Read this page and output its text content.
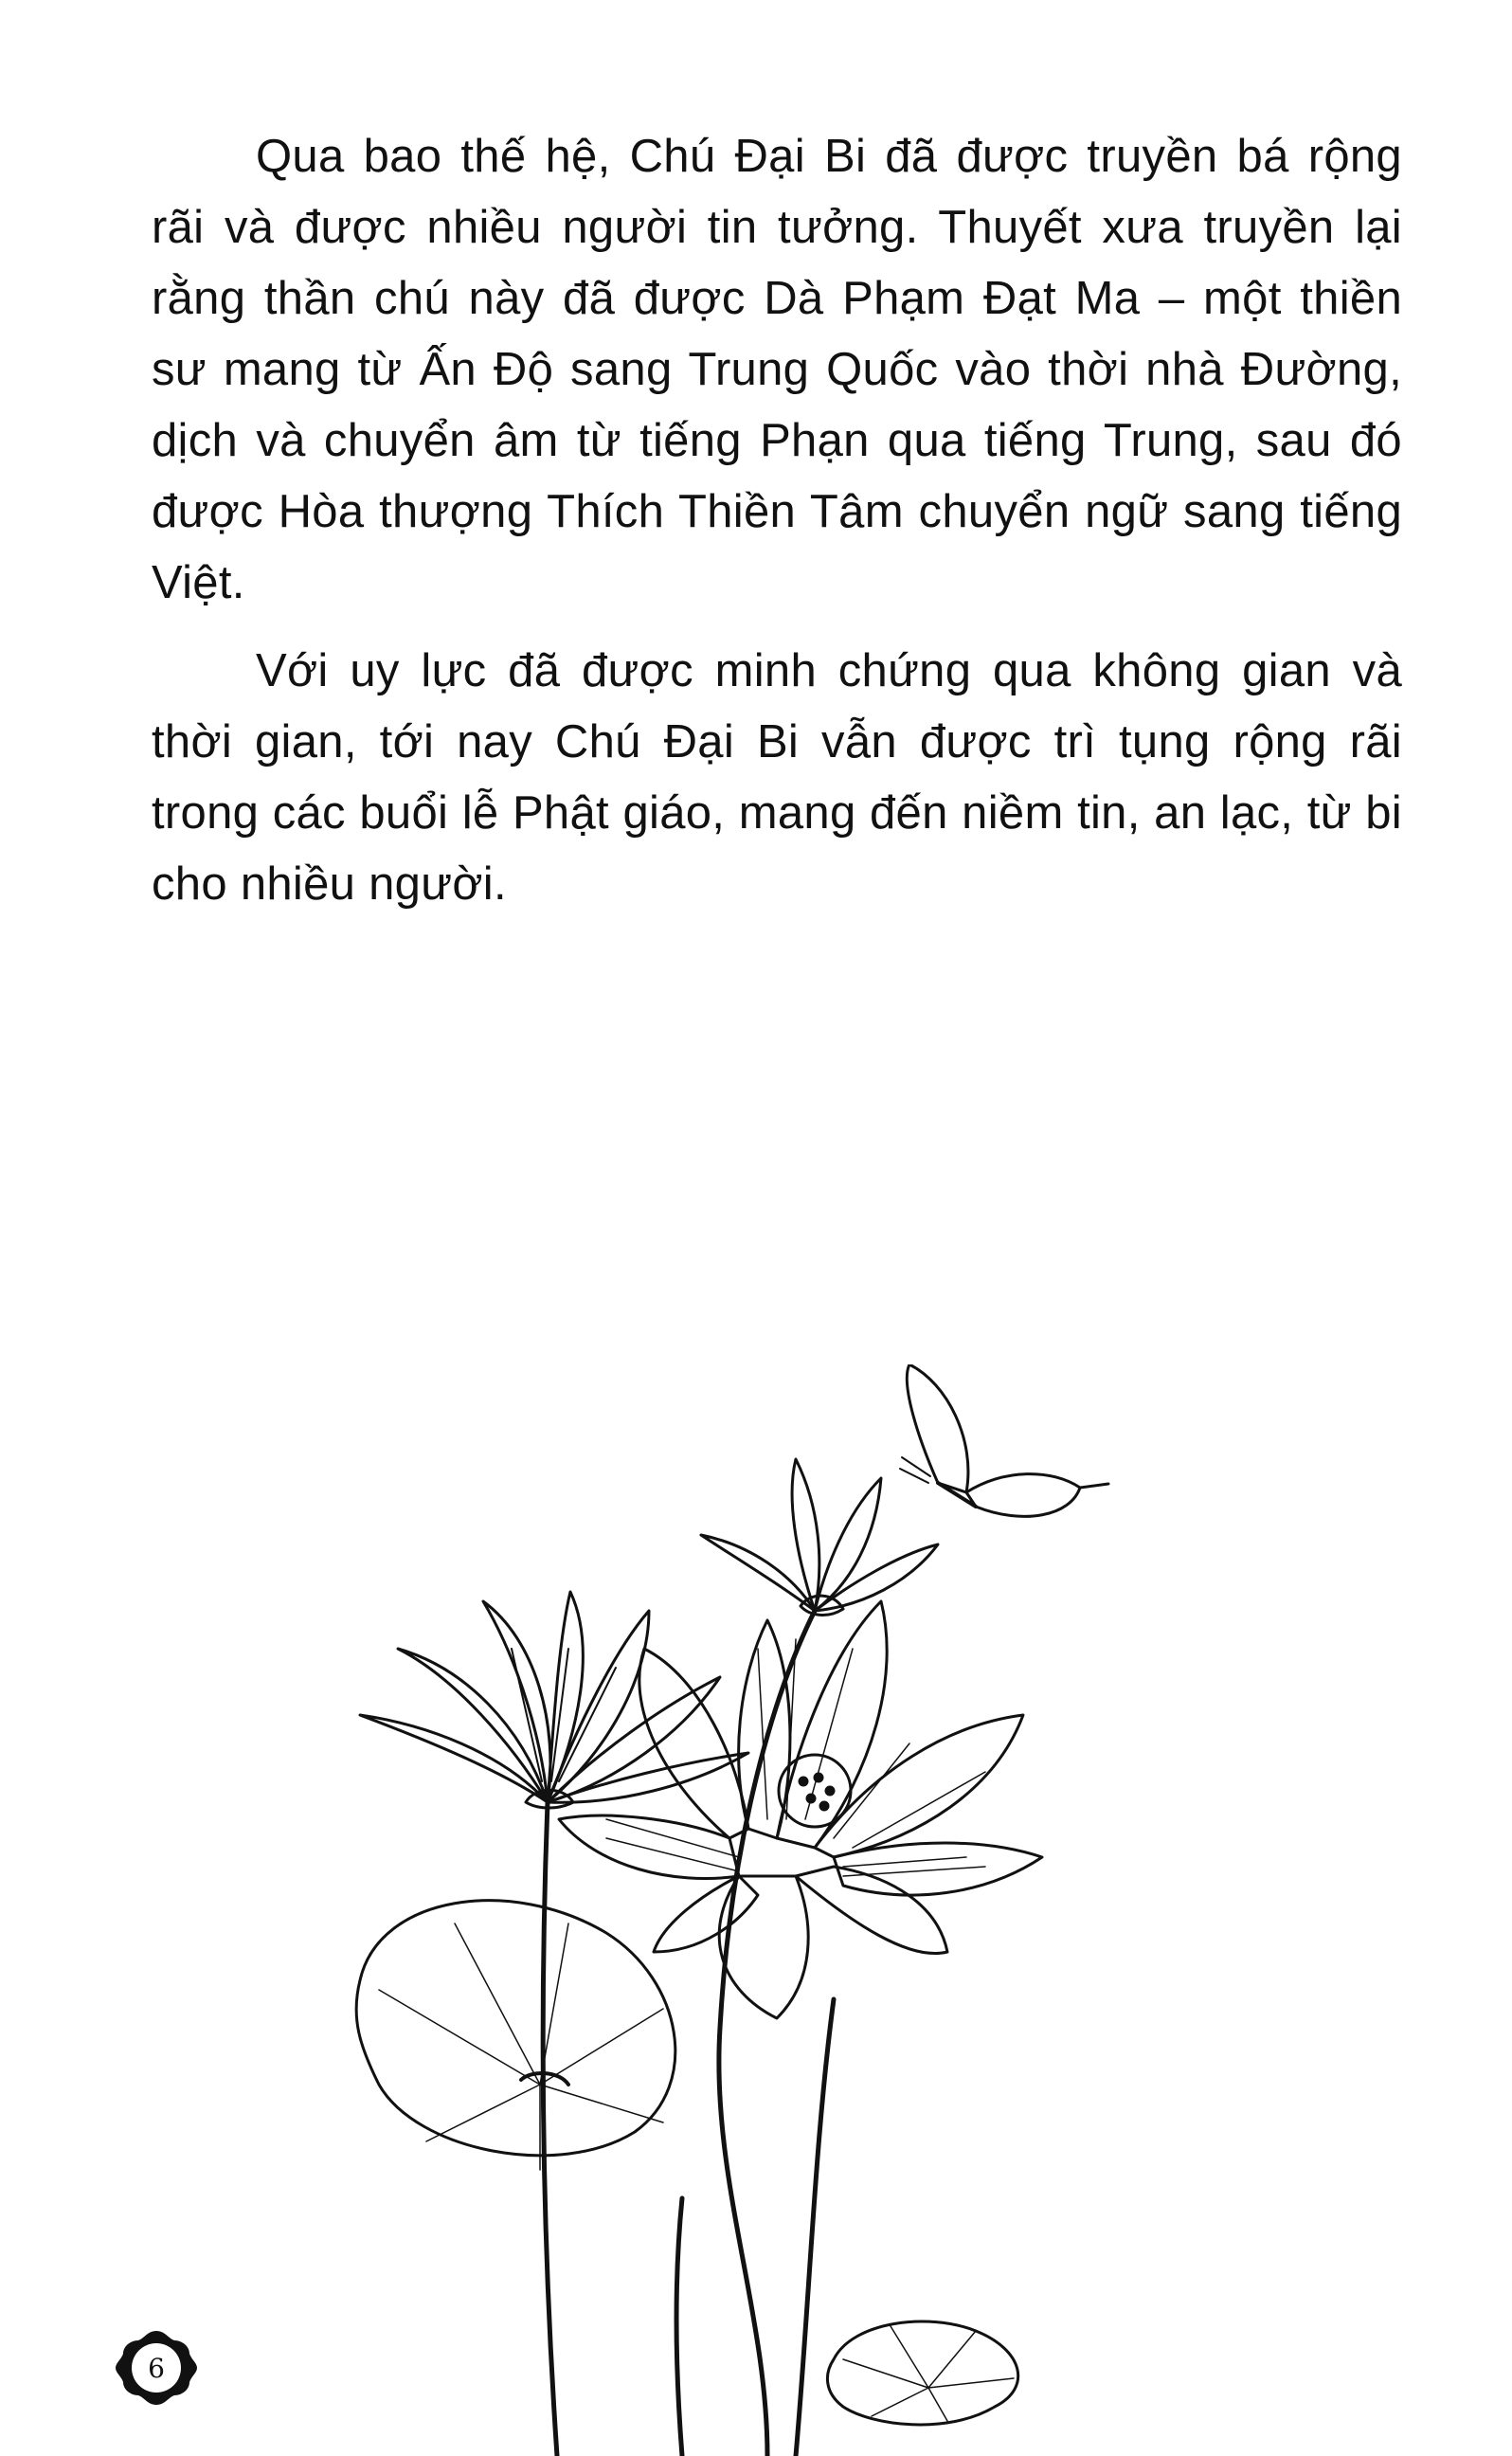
Qua bao thế hệ, Chú Đại Bi đã được truyền bá rộng rãi và được nhiều người tin tưởng. Thuyết xưa truyền lại rằng thần chú này đã được Dà Phạm Đạt Ma – một thiền sư mang từ Ấn Độ sang Trung Quốc vào thời nhà Đường, dịch và chuyển âm từ tiếng Phạn qua tiếng Trung, sau đó được Hòa thượng Thích Thiền Tâm chuyển ngữ sang tiếng Việt.

Với uy lực đã được minh chứng qua không gian và thời gian, tới nay Chú Đại Bi vẫn được trì tụng rộng rãi trong các buổi lễ Phật giáo, mang đến niềm tin, an lạc, từ bi cho nhiều người.

6
